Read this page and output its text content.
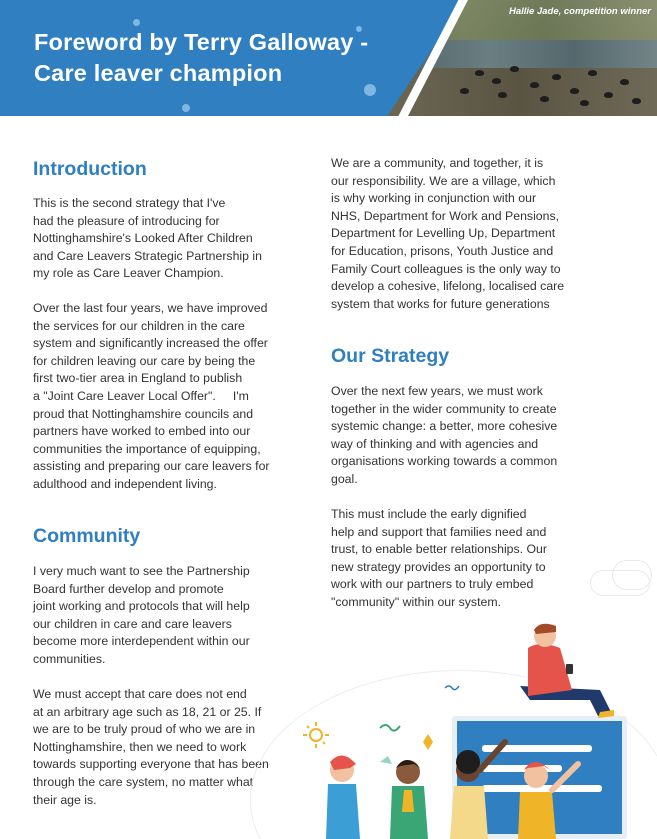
Foreword by Terry Galloway -
Care leaver champion
Hallie Jade, competition winner
Introduction

This is the second strategy that I've
had the pleasure of introducing for
Nottinghamshire's Looked After Children
and Care Leavers Strategic Partnership in
my role as Care Leaver Champion.

Over the last four years, we have improved
the services for our children in the care
system and significantly increased the offer
for children leaving our care by being the
first two-tier area in England to publish
a "Joint Care Leaver Local Offer".     I'm
proud that Nottinghamshire councils and
partners have worked to embed into our
communities the importance of equipping,
assisting and preparing our care leavers for
adulthood and independent living.

Community

I very much want to see the Partnership
Board further develop and promote
joint working and protocols that will help
our children in care and care leavers
become more interdependent within our
communities.

We must accept that care does not end
at an arbitrary age such as 18, 21 or 25. If
we are to be truly proud of who we are in
Nottinghamshire, then we need to work
towards supporting everyone that has been
through the care system, no matter what
their age is.

We are a community, and together, it is
our responsibility. We are a village, which
is why working in conjunction with our
NHS, Department for Work and Pensions,
Department for Levelling Up, Department
for Education, prisons, Youth Justice and
Family Court colleagues is the only way to
develop a cohesive, lifelong, localised care
system that works for future generations

Our Strategy

Over the next few years, we must work
together in the wider community to create
systemic change: a better, more cohesive
way of thinking and with agencies and
organisations working towards a common
goal.

This must include the early dignified
help and support that families need and
trust, to enable better relationships. Our
new strategy provides an opportunity to
work with our partners to truly embed
"community" within our system.
